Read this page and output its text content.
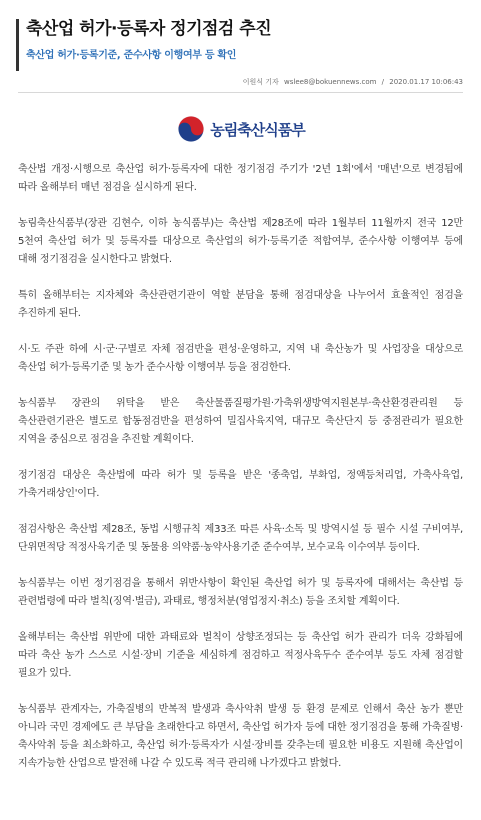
축산업 허가·등록자 정기점검 추진
축산업 허가·등록기준, 준수사항 이행여부 등 확인
이원식 기자 wslee8@bokuennews.com / 2020.01.17 10:06:43
농림축산식품부

축산법 개정·시행으로 축산업 허가·등록자에 대한 정기점검 주기가 '2년 1회'에서 '매년'으로 변경됨에 따라 올해부터 매년 점검을 실시하게 된다.

농림축산식품부(장관 김현수, 이하 농식품부)는 축산법 제28조에 따라 1월부터 11월까지 전국 12만 5천여 축산업 허가 및 등록자를 대상으로 축산업의 허가·등록기준 적합여부, 준수사항 이행여부 등에 대해 정기점검을 실시한다고 밝혔다.

특히 올해부터는 지자체와 축산관련기관이 역할 분담을 통해 점검대상을 나누어서 효율적인 점검을 추진하게 된다.

시·도 주관 하에 시·군·구별로 자체 점검반을 편성·운영하고, 지역 내 축산농가 및 사업장을 대상으로 축산업 허가·등록기준 및 농가 준수사항 이행여부 등을 점검한다.

농식품부 장관의 위탁을 받은 축산물품질평가원·가축위생방역지원본부·축산환경관리원 등 축산관련기관은 별도로 합동점검반을 편성하여 밀집사육지역, 대규모 축산단지 등 중점관리가 필요한 지역을 중심으로 점검을 추진할 계획이다.

정기점검 대상은 축산법에 따라 허가 및 등록을 받은 '종축업, 부화업, 정액등처리업, 가축사육업, 가축거래상인'이다.

점검사항은 축산법 제28조, 동법 시행규칙 제33조 따른 사육·소독 및 방역시설 등 필수 시설 구비여부, 단위면적당 적정사육기준 및 동물용 의약품·농약사용기준 준수여부, 보수교육 이수여부 등이다.

농식품부는 이번 정기점검을 통해서 위반사항이 확인된 축산업 허가 및 등록자에 대해서는 축산법 등 관련법령에 따라 벌칙(징역·벌금), 과태료, 행정처분(영업정지·취소) 등을 조치할 계획이다.

올해부터는 축산법 위반에 대한 과태료와 벌칙이 상향조정되는 등 축산업 허가 관리가 더욱 강화됨에 따라 축산 농가 스스로 시설·장비 기준을 세심하게 점검하고 적정사육두수 준수여부 등도 자체 점검할 필요가 있다.

농식품부 관계자는, 가축질병의 반복적 발생과 축사악취 발생 등 환경 문제로 인해서 축산 농가 뿐만 아니라 국민 경제에도 큰 부담을 초래한다고 하면서, 축산업 허가자 등에 대한 정기점검을 통해 가축질병·축사악취 등을 최소화하고, 축산업 허가·등록자가 시설·장비를 갖추는데 필요한 비용도 지원해 축산업이 지속가능한 산업으로 발전해 나갈 수 있도록 적극 관리해 나가겠다고 밝혔다.
